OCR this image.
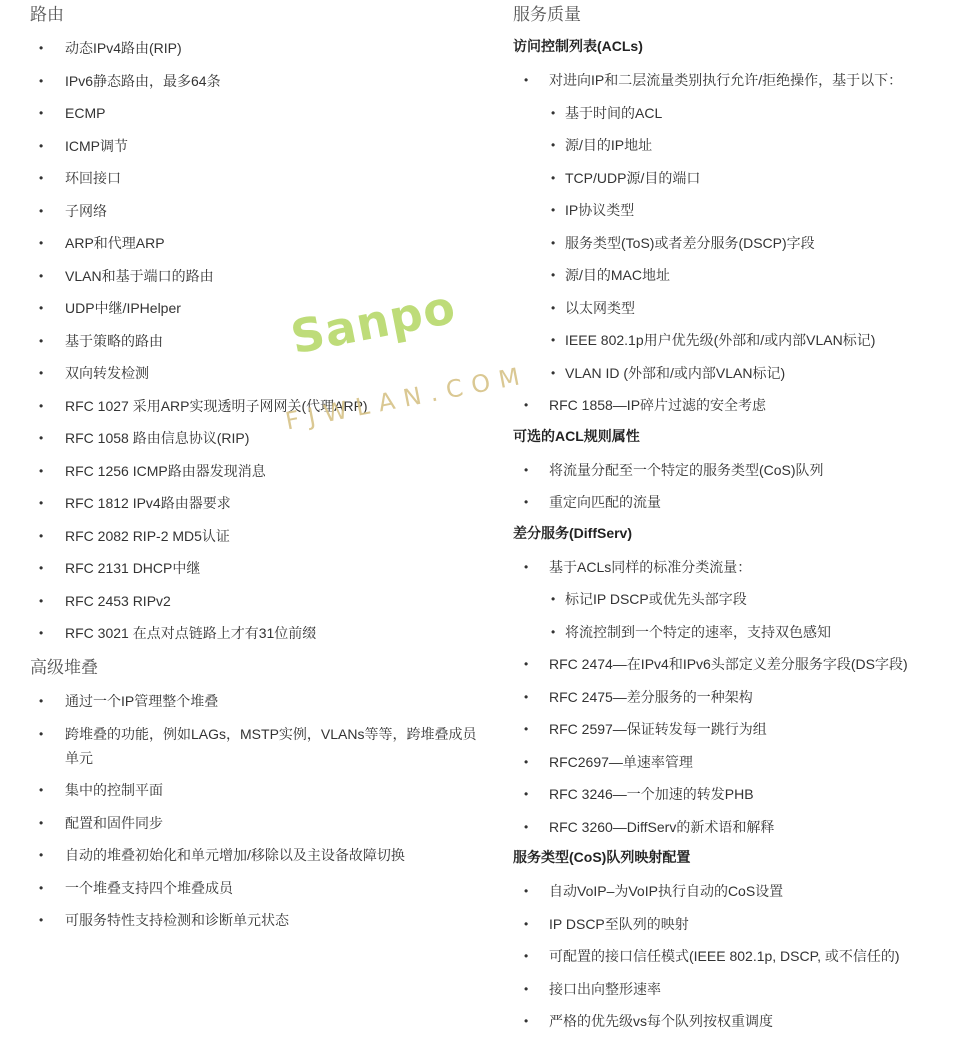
路由
• 动态IPv4路由(RIP)
• IPv6静态路由，最多64条
• ECMP
• ICMP调节
• 环回接口
• 子网络
• ARP和代理ARP
• VLAN和基于端口的路由
• UDP中继/IPHelper
• 基于策略的路由
• 双向转发检测
• RFC 1027 采用ARP实现透明子网网关(代理ARP)
• RFC 1058 路由信息协议(RIP)
• RFC 1256 ICMP路由器发现消息
• RFC 1812 IPv4路由器要求
• RFC 2082 RIP-2 MD5认证
• RFC 2131 DHCP中继
• RFC 2453 RIPv2
• RFC 3021 在点对点链路上才有31位前缀
高级堆叠
• 通过一个IP管理整个堆叠
• 跨堆叠的功能，例如LAGs，MSTP实例，VLANs等等，跨堆叠成员单元
• 集中的控制平面
• 配置和固件同步
• 自动的堆叠初始化和单元增加/移除以及主设备故障切换
• 一个堆叠支持四个堆叠成员
• 可服务特性支持检测和诊断单元状态
服务质量
访问控制列表(ACLs)
• 对进向IP和二层流量类别执行允许/拒绝操作，基于以下：
• 基于时间的ACL
• 源/目的IP地址
• TCP/UDP源/目的端口
• IP协议类型
• 服务类型(ToS)或者差分服务(DSCP)字段
• 源/目的MAC地址
• 以太网类型
• IEEE 802.1p用户优先级(外部和/或内部VLAN标记)
• VLAN ID (外部和/或内部VLAN标记)
• RFC 1858—IP碎片过滤的安全考虑
可选的ACL规则属性
• 将流量分配至一个特定的服务类型(CoS)队列
• 重定向匹配的流量
差分服务(DiffServ)
• 基于ACLs同样的标准分类流量：
• 标记IP DSCP或优先头部字段
• 将流控制到一个特定的速率，支持双色感知
• RFC 2474—在IPv4和IPv6头部定义差分服务字段(DS字段)
• RFC 2475—差分服务的一种架构
• RFC 2597—保证转发每一跳行为组
• RFC2697—单速率管理
• RFC 3246—一个加速的转发PHB
• RFC 3260—DiffServ的新术语和解释
服务类型(CoS)队列映射配置
• 自动VoIP–为VoIP执行自动的CoS设置
• IP DSCP至队列的映射
• 可配置的接口信任模式(IEEE 802.1p, DSCP, 或不信任的)
• 接口出向整形速率
• 严格的优先级vs每个队列按权重调度
Sanpo
FJWLAN.COM
